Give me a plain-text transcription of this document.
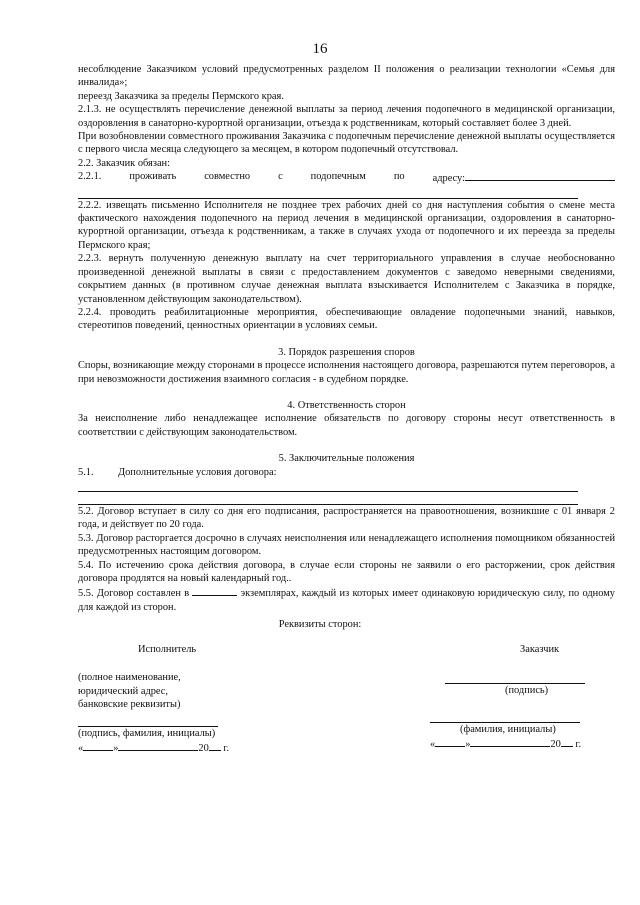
16

несоблюдение Заказчиком условий предусмотренных разделом II положения о реализации технологии «Семья для инвалида»;

переезд Заказчика за пределы Пермского края.

2.1.3. не осуществлять перечисление денежной выплаты за период лечения подопечного в медицинской организации, оздоровления в санаторно-курортной организации, отъезда к родственникам, который составляет более 3 дней.

При возобновлении совместного проживания Заказчика с подопечным перечисление денежной выплаты осуществляется с первого числа месяца следующего за месяцем, в котором подопечный отсутствовал.

2.2. Заказчик обязан:

2.2.1.	проживать	совместно	с	подопечным	по	адресу:

2.2.2. извещать письменно Исполнителя не позднее трех рабочих дней со дня наступления события о смене места фактического нахождения подопечного на период лечения в медицинской организации, оздоровления в санаторно-курортной организации, отъезда к родственникам, а также в случаях ухода от подопечного и их переезда за пределы Пермского края;

2.2.3. вернуть полученную денежную выплату на счет территориального управления в случае необоснованно произведенной денежной выплаты в связи с предоставлением документов с заведомо неверными сведениями, сокрытием данных (в противном случае денежная выплата взыскивается Исполнителем с Заказчика в порядке, установленном действующим законодательством).

2.2.4. проводить реабилитационные мероприятия, обеспечивающие овладение подопечными знаний, навыков, стереотипов поведений, ценностных ориентации в условиях семьи.

3. Порядок разрешения споров

Споры, возникающие между сторонами в процессе исполнения настоящего договора, разрешаются путем переговоров, а при невозможности достижения взаимного согласия - в судебном порядке.

4. Ответственность сторон

За неисполнение либо ненадлежащее исполнение обязательств по договору стороны несут ответственность в соответствии с действующим законодательством.

5. Заключительные положения

5.1.	Дополнительные условия договора:

5.2. Договор вступает в силу со дня его подписания, распространяется на правоотношения, возникшие с 01 января 2 года, и действует по 20 года.

5.3. Договор расторгается досрочно в случаях неисполнения или ненадлежащего исполнения помощником обязанностей предусмотренных настоящим договором.

5.4. По истечению срока действия договора, в случае если стороны не заявили о его расторжении, срок действия договора продлятся на новый календарный год..

5.5. Договор составлен в	экземплярах, каждый из которых имеет одинаковую юридическую силу, по одному для каждой из сторон.

Реквизиты сторон:
Исполнитель
(полное наименование,
юридический адрес,
банковские реквизиты)
(подпись, фамилия, инициалы)
«	»	20 г.
Заказчик
(подпись)
(фамилия, инициалы)
«	»	20 г.
